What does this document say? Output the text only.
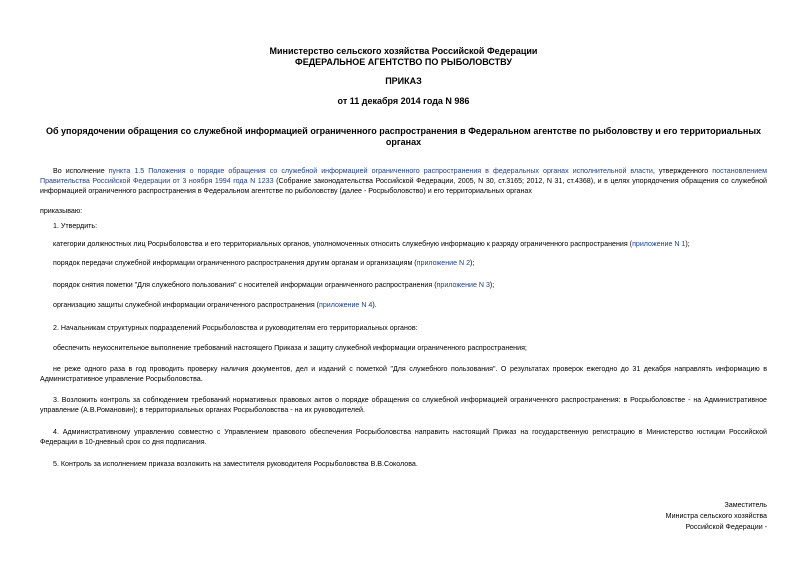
Министерство сельского хозяйства Российской Федерации
ФЕДЕРАЛЬНОЕ АГЕНТСТВО ПО РЫБОЛОВСТВУ
ПРИКАЗ
от 11 декабря 2014 года N 986
Об упорядочении обращения со служебной информацией ограниченного распространения в Федеральном агентстве по рыболовству и его территориальных органах
Во исполнение пункта 1.5 Положения о порядке обращения со служебной информацией ограниченного распространения в федеральных органах исполнительной власти, утвержденного постановлением Правительства Российской Федерации от 3 ноября 1994 года N 1233 (Собрание законодательства Российской Федерации, 2005, N 30, ст.3165; 2012, N 31, ст.4368), и в целях упорядочения обращения со служебной информацией ограниченного распространения в Федеральном агентстве по рыболовству (далее - Росрыболовство) и его территориальных органах
приказываю:
1. Утвердить:
категории должностных лиц Росрыболовства и его территориальных органов, уполномоченных относить служебную информацию к разряду ограниченного распространения (приложение N 1);
порядок передачи служебной информации ограниченного распространения другим органам и организациям (приложение N 2);
порядок снятия пометки "Для служебного пользования" с носителей информации ограниченного распространения (приложение N 3);
организацию защиты служебной информации ограниченного распространения (приложение N 4).
2. Начальникам структурных подразделений Росрыболовства и руководителям его территориальных органов:
обеспечить неукоснительное выполнение требований настоящего Приказа и защиту служебной информации ограниченного распространения;
не реже одного раза в год проводить проверку наличия документов, дел и изданий с пометкой "Для служебного пользования". О результатах проверок ежегодно до 31 декабря направлять информацию в Административное управление Росрыболовства.
3. Возложить контроль за соблюдением требований нормативных правовых актов о порядке обращения со служебной информацией ограниченного распространения: в Росрыболовстве - на Административное управление (А.В.Романовин); в территориальных органах Росрыболовства - на их руководителей.
4. Административному управлению совместно с Управлением правового обеспечения Росрыболовства направить настоящий Приказ на государственную регистрацию в Министерство юстиции Российской Федерации в 10-дневный срок со дня подписания.
5. Контроль за исполнением приказа возложить на заместителя руководителя Росрыболовства В.В.Соколова.
Заместитель
Министра сельского хозяйства
Российской Федерации -
